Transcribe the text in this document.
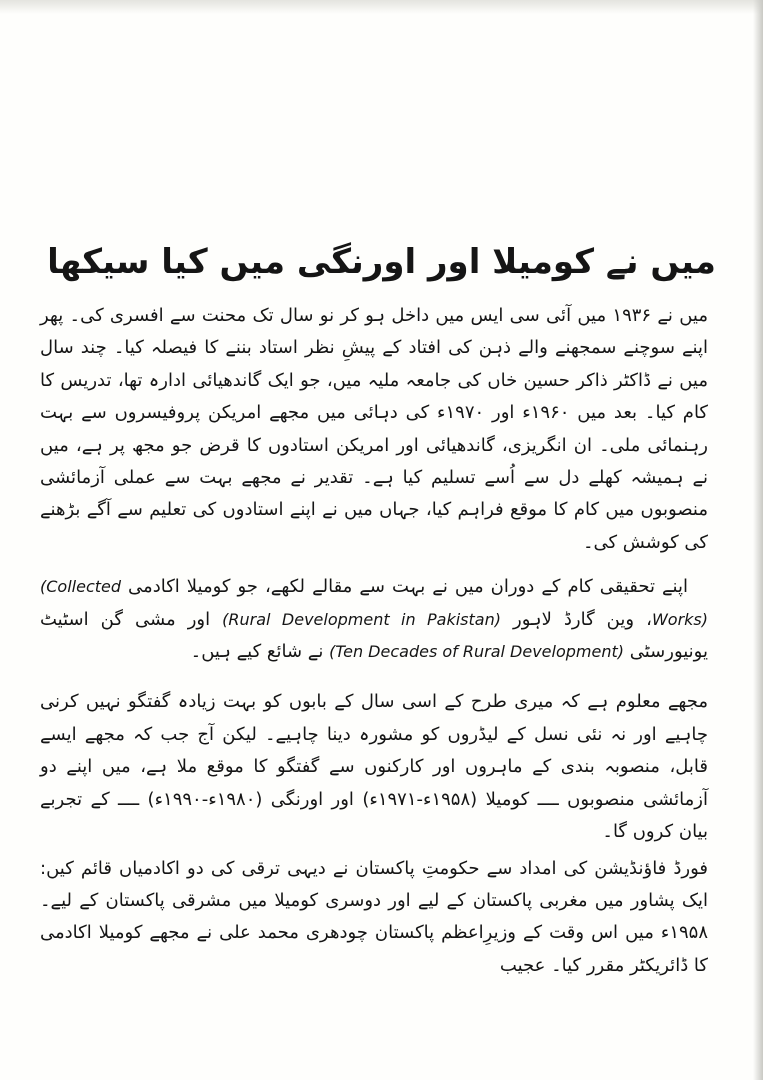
میں نے کومیلا اور اورنگی میں کیا سیکھا

میں نے ۱۹۳۶ میں آئی سی ایس میں داخل ہو کر نو سال تک محنت سے افسری کی۔ پھر اپنے سوچنے سمجھنے والے ذہن کی افتاد کے پیشِ نظر استاد بننے کا فیصلہ کیا۔ چند سال میں نے ڈاکٹر ذاکر حسین خاں کی جامعہ ملیہ میں، جو ایک گاندھیائی ادارہ تھا، تدریس کا کام کیا۔ بعد میں ۱۹۶۰ء اور ۱۹۷۰ء کی دہائی میں مجھے امریکن پروفیسروں سے بہت رہنمائی ملی۔ ان انگریزی، گاندھیائی اور امریکن استادوں کا قرض جو مجھ پر ہے، میں نے ہمیشہ کھلے دل سے اُسے تسلیم کیا ہے۔ تقدیر نے مجھے بہت سے عملی آزمائشی منصوبوں میں کام کا موقع فراہم کیا، جہاں میں نے اپنے استادوں کی تعلیم سے آگے بڑھنے کی کوشش کی۔

اپنے تحقیقی کام کے دوران میں نے بہت سے مقالے لکھے، جو کومیلا اکادمی (Collected Works)، وین گارڈ لاہور (Rural Development in Pakistan) اور مشی گن اسٹیٹ یونیورسٹی (Ten Decades of Rural Development) نے شائع کیے ہیں۔

مجھے معلوم ہے کہ میری طرح کے اسی سال کے بابوں کو بہت زیادہ گفتگو نہیں کرنی چاہیے اور نہ نئی نسل کے لیڈروں کو مشورہ دینا چاہیے۔ لیکن آج جب کہ مجھے ایسے قابل، منصوبہ بندی کے ماہروں اور کارکنوں سے گفتگو کا موقع ملا ہے، میں اپنے دو آزمائشی منصوبوں ــــ کومیلا (۱۹۵۸ء-۱۹۷۱ء) اور اورنگی (۱۹۸۰ء-۱۹۹۰ء) ــــ کے تجربے بیان کروں گا۔

فورڈ فاؤنڈیشن کی امداد سے حکومتِ پاکستان نے دیہی ترقی کی دو اکادمیاں قائم کیں: ایک پشاور میں مغربی پاکستان کے لیے اور دوسری کومیلا میں مشرقی پاکستان کے لیے۔ ۱۹۵۸ء میں اس وقت کے وزیرِاعظم پاکستان چودھری محمد علی نے مجھے کومیلا اکادمی کا ڈائریکٹر مقرر کیا۔ عجیب
